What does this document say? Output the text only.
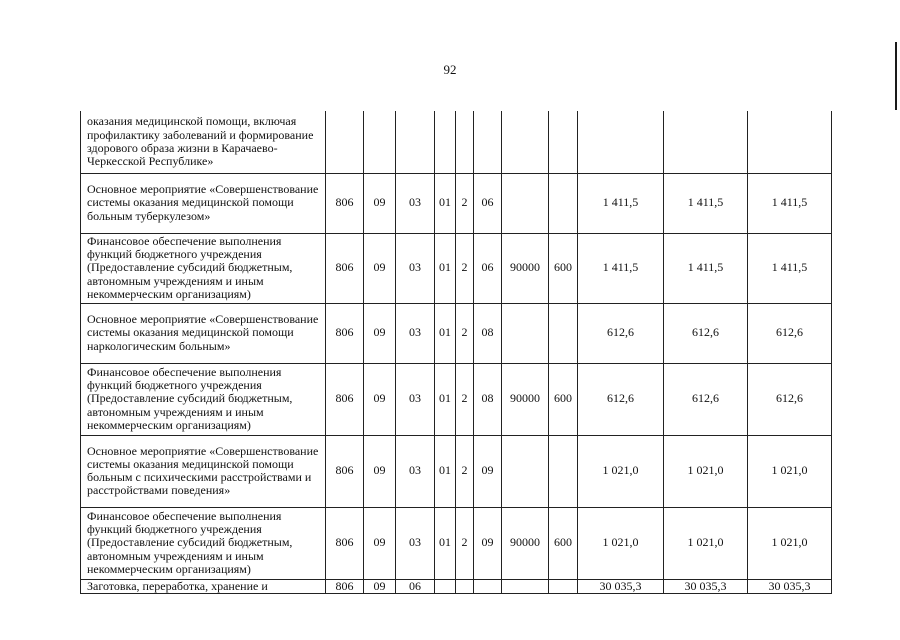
92
оказания медицинской помощи, включая профилактику заболеваний и формирование здорового образа жизни в Карачаево-Черкесской Республике»											

Основное мероприятие «Совершенствование системы оказания медицинской помощи больным туберкулезом»	806	09	03	01	2	06			1 411,5	1 411,5	1 411,5

Финансовое обеспечение выполнения функций бюджетного учреждения (Предоставление субсидий бюджетным, автономным учреждениям и иным некоммерческим организациям)	806	09	03	01	2	06	90000	600	1 411,5	1 411,5	1 411,5

Основное мероприятие «Совершенствование системы оказания медицинской помощи наркологическим больным»	806	09	03	01	2	08			612,6	612,6	612,6

Финансовое обеспечение выполнения функций бюджетного учреждения (Предоставление субсидий бюджетным, автономным учреждениям и иным некоммерческим организациям)	806	09	03	01	2	08	90000	600	612,6	612,6	612,6

Основное мероприятие «Совершенствование системы оказания медицинской помощи больным с психическими расстройствами и расстройствами поведения»	806	09	03	01	2	09			1 021,0	1 021,0	1 021,0

Финансовое обеспечение выполнения функций бюджетного учреждения (Предоставление субсидий бюджетным, автономным учреждениям и иным некоммерческим организациям)	806	09	03	01	2	09	90000	600	1 021,0	1 021,0	1 021,0

Заготовка, переработка, хранение и	806	09	06						30 035,3	30 035,3	30 035,3
